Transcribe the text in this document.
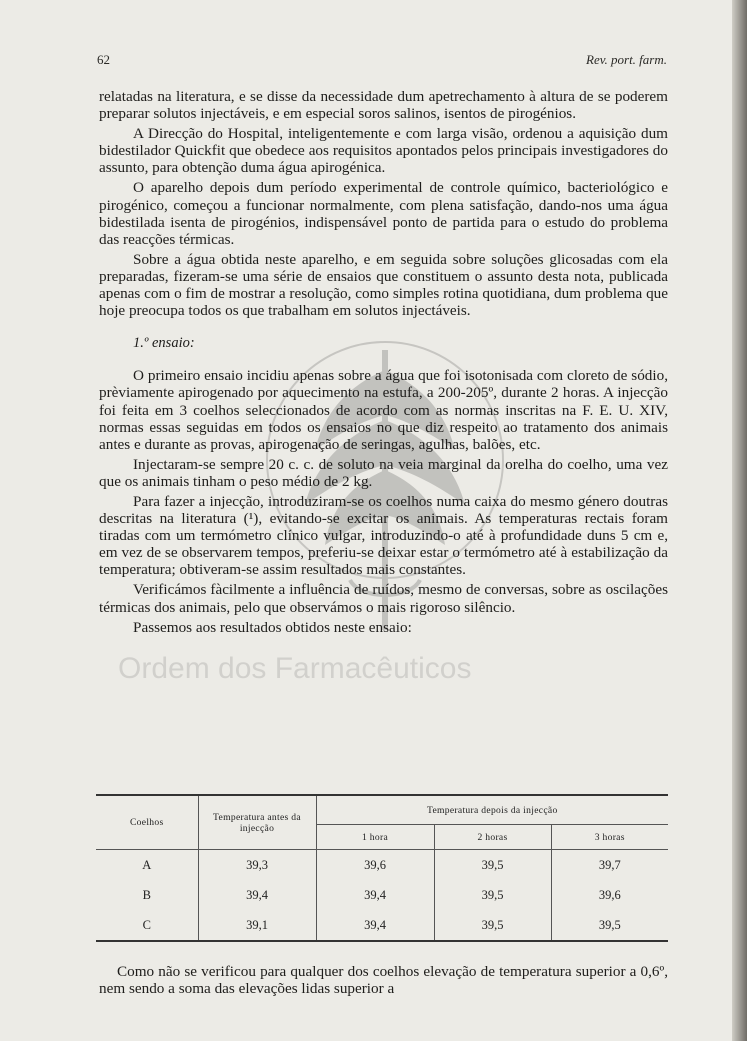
Ordem dos Farmacêuticos
62	Rev. port. farm.

relatadas na literatura, e se disse da necessidade dum apetrechamento à altura de se poderem preparar solutos injectáveis, e em especial soros salinos, isentos de pirogénios.

A Direcção do Hospital, inteligentemente e com larga visão, ordenou a aquisição dum bidestilador Quickfit que obedece aos requisitos apontados pelos principais investigadores do assunto, para obtenção duma água apirogénica.

O aparelho depois dum período experimental de controle químico, bacteriológico e pirogénico, começou a funcionar normalmente, com plena satisfação, dando-nos uma água bidestilada isenta de pirogénios, indispensável ponto de partida para o estudo do problema das reacções térmicas.

Sobre a água obtida neste aparelho, e em seguida sobre soluções glicosadas com ela preparadas, fizeram-se uma série de ensaios que constituem o assunto desta nota, publicada apenas com o fim de mostrar a resolução, como simples rotina quotidiana, dum problema que hoje preocupa todos os que trabalham em solutos injectáveis.

1.º ensaio:

O primeiro ensaio incidiu apenas sobre a água que foi isotonisada com cloreto de sódio, prèviamente apirogenado por aquecimento na estufa, a 200-205º, durante 2 horas. A injecção foi feita em 3 coelhos seleccionados de acordo com as normas inscritas na F. E. U. XIV, normas essas seguidas em todos os ensaios no que diz respeito ao tratamento dos animais antes e durante as provas, apirogenação de seringas, agulhas, balões, etc.

Injectaram-se sempre 20 c. c. de soluto na veia marginal da orelha do coelho, uma vez que os animais tinham o peso médio de 2 kg.

Para fazer a injecção, introduziram-se os coelhos numa caixa do mesmo género doutras descritas na literatura (¹), evitando-se excitar os animais. As temperaturas rectais foram tiradas com um termómetro clínico vulgar, introduzindo-o até à profundidade duns 5 cm e, em vez de se observarem tempos, preferiu-se deixar estar o termómetro até à estabilização da temperatura; obtiveram-se assim resultados mais constantes.

Verificámos fàcilmente a influência de ruídos, mesmo de conversas, sobre as oscilações térmicas dos animais, pelo que observámos o mais rigoroso silêncio.

Passemos aos resultados obtidos neste ensaio:

Coelhos	Temperatura antes da injecção	Temperatura depois da injecção		
		1 hora	2 horas	3 horas
A	39,3	39,6	39,5	39,7
B	39,4	39,4	39,5	39,6
C	39,1	39,4	39,5	39,5

Como não se verificou para qualquer dos coelhos elevação de temperatura superior a 0,6º, nem sendo a soma das elevações lidas superior a
